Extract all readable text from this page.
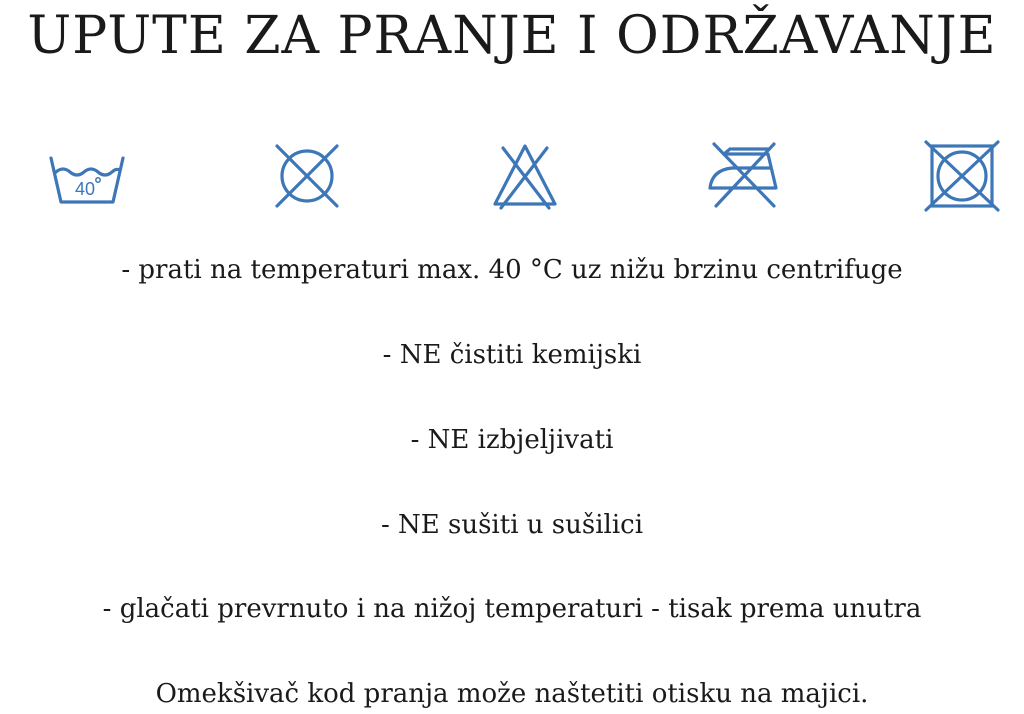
UPUTE ZA PRANJE I ODRŽAVANJE
40

- prati na temperaturi max. 40 °C uz nižu brzinu centrifuge

- NE čistiti kemijski

- NE izbjeljivati

- NE sušiti u sušilici

- glačati prevrnuto i na nižoj temperaturi - tisak prema unutra

Omekšivač kod pranja može naštetiti otisku na majici.
